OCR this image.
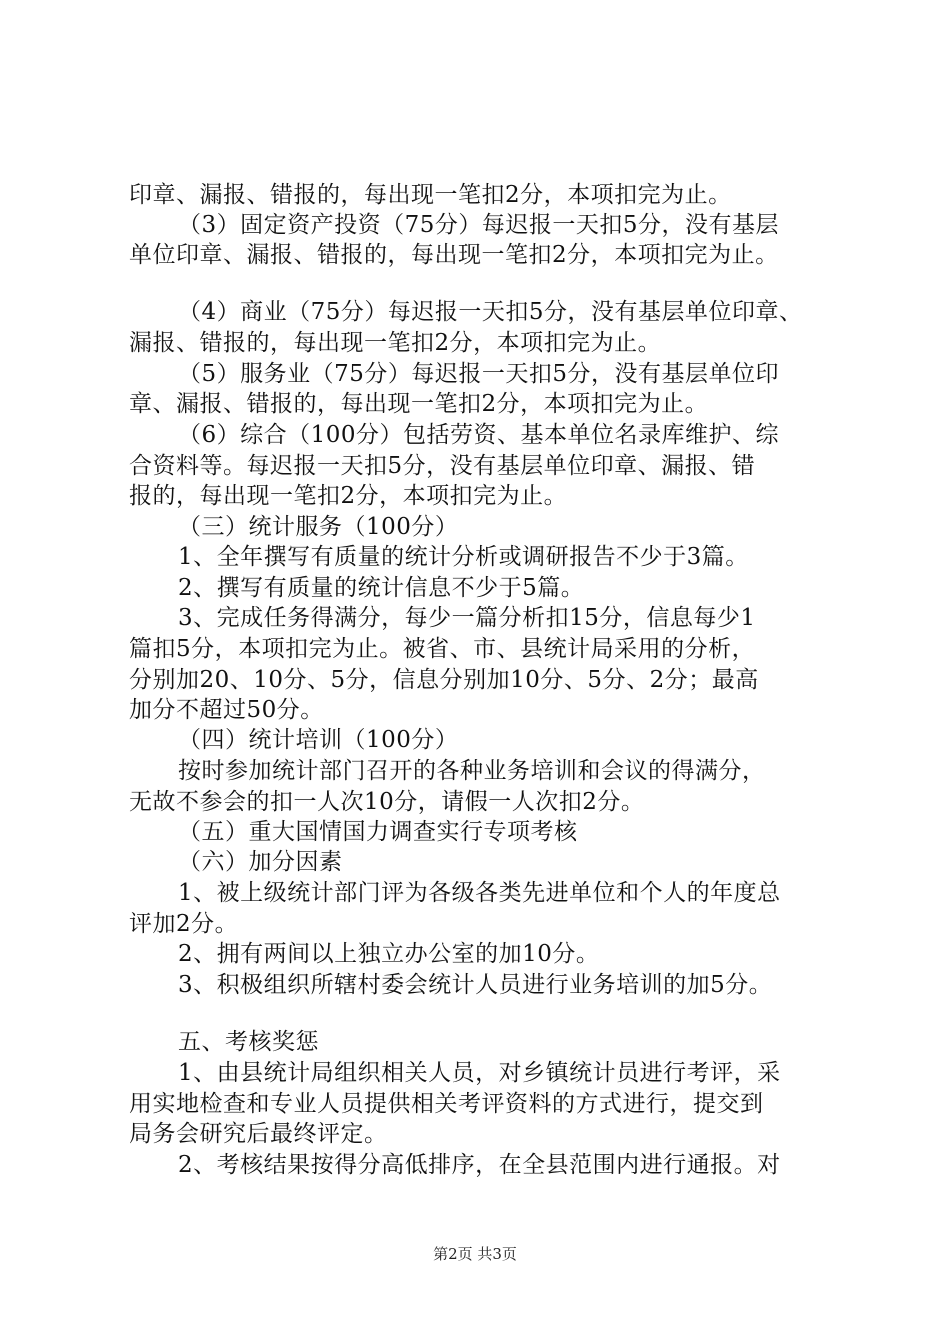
印章、漏报、错报的，每出现一笔扣2分，本项扣完为止。
（3）固定资产投资（75分）每迟报一天扣5分，没有基层
单位印章、漏报、错报的，每出现一笔扣2分，本项扣完为止。
（4）商业（75分）每迟报一天扣5分，没有基层单位印章、
漏报、错报的，每出现一笔扣2分，本项扣完为止。
（5）服务业（75分）每迟报一天扣5分，没有基层单位印
章、漏报、错报的，每出现一笔扣2分，本项扣完为止。
（6）综合（100分）包括劳资、基本单位名录库维护、综
合资料等。每迟报一天扣5分，没有基层单位印章、漏报、错
报的，每出现一笔扣2分，本项扣完为止。
（三）统计服务（100分）
1、全年撰写有质量的统计分析或调研报告不少于3篇。
2、撰写有质量的统计信息不少于5篇。
3、完成任务得满分，每少一篇分析扣15分，信息每少1
篇扣5分，本项扣完为止。被省、市、县统计局采用的分析，
分别加20、10分、5分，信息分别加10分、5分、2分；最高
加分不超过50分。
（四）统计培训（100分）
按时参加统计部门召开的各种业务培训和会议的得满分，
无故不参会的扣一人次10分，请假一人次扣2分。
（五）重大国情国力调查实行专项考核
（六）加分因素
1、被上级统计部门评为各级各类先进单位和个人的年度总
评加2分。
2、拥有两间以上独立办公室的加10分。
3、积极组织所辖村委会统计人员进行业务培训的加5分。
五、考核奖惩
1、由县统计局组织相关人员，对乡镇统计员进行考评，采
用实地检查和专业人员提供相关考评资料的方式进行，提交到
局务会研究后最终评定。
2、考核结果按得分高低排序，在全县范围内进行通报。对
第2页 共3页
